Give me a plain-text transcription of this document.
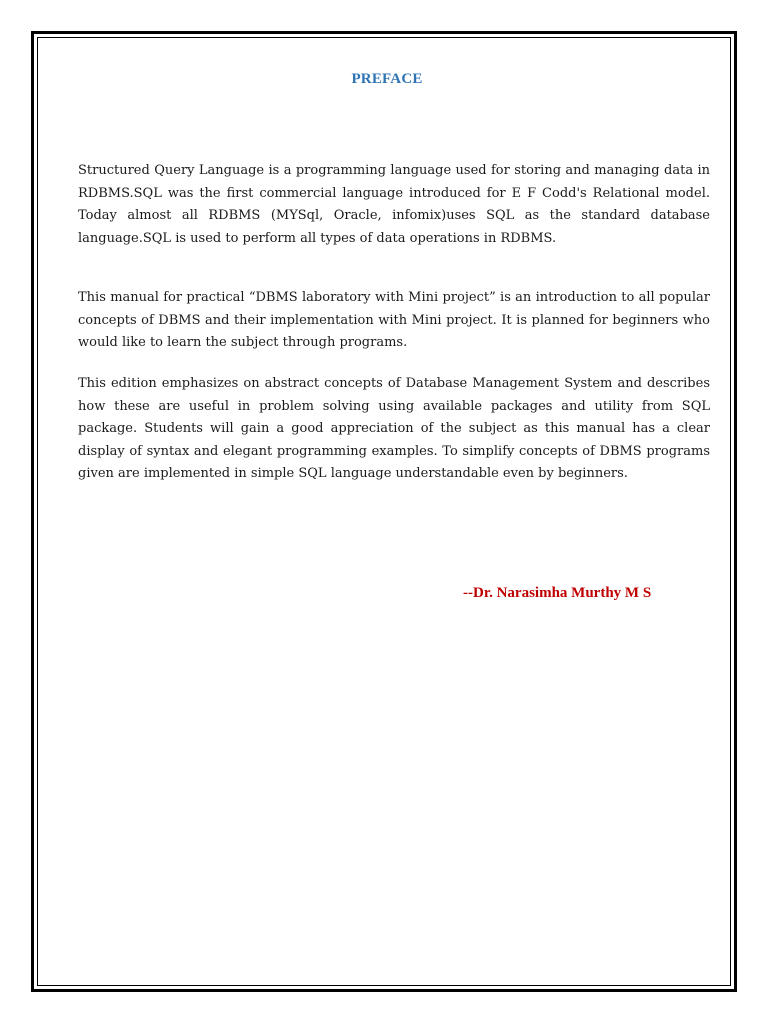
PREFACE

Structured Query Language is a programming language used for storing and managing data in RDBMS.SQL was the first commercial language introduced for E F Codd's Relational model. Today almost all RDBMS (MYSql, Oracle, infomix)uses SQL as the standard database language.SQL is used to perform all types of data operations in RDBMS.

This manual for practical “DBMS laboratory with Mini project” is an introduction to all popular concepts of DBMS and their implementation with Mini project. It is planned for beginners who would like to learn the subject through programs.

This edition emphasizes on abstract concepts of Database Management System and describes how these are useful in problem solving using available packages and utility from SQL package. Students will gain a good appreciation of the subject as this manual has a clear display of syntax and elegant programming examples. To simplify concepts of DBMS programs given are implemented in simple SQL language understandable even by beginners.

--Dr. Narasimha Murthy M S
